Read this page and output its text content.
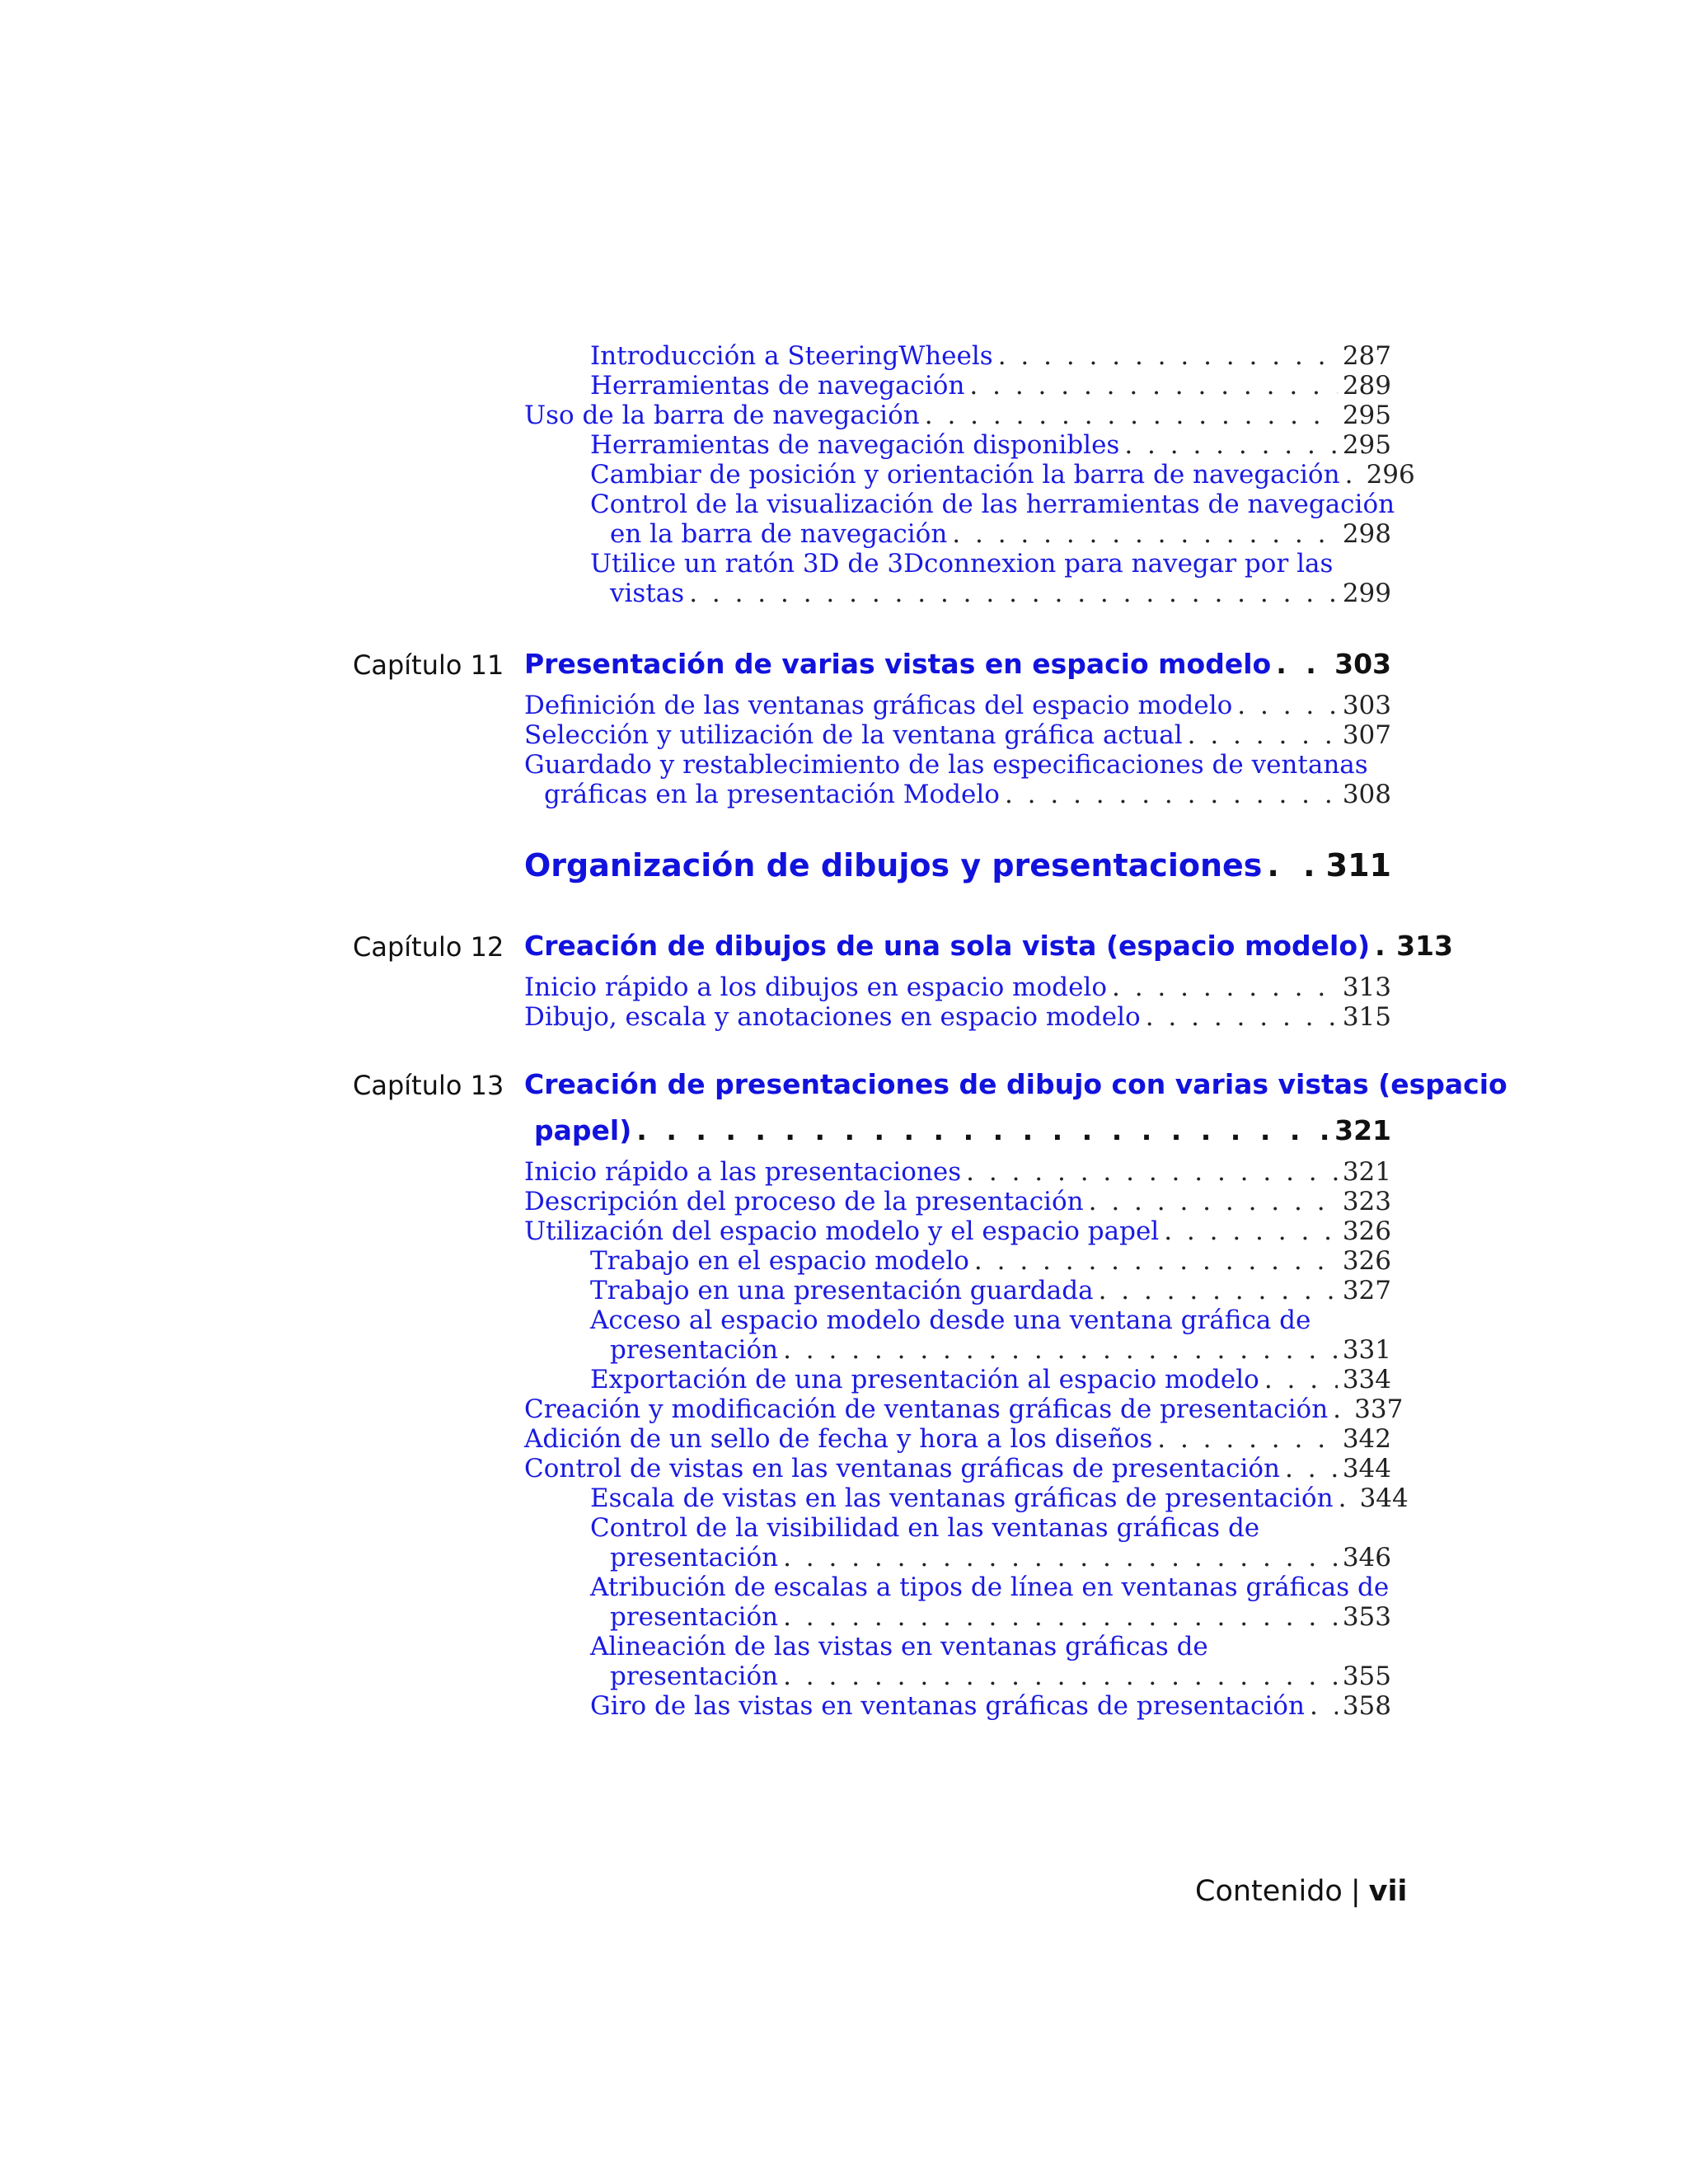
Introducción a SteeringWheels . . .	287
Herramientas de navegación . . .	289
Uso de la barra de navegación . . .	295
Herramientas de navegación disponibles . . .	295
Cambiar de posición y orientación la barra de navegación . . . 296
Control de la visualización de las herramientas de navegación
en la barra de navegación . . .	298
Utilice un ratón 3D de 3Dconnexion para navegar por las
vistas . . .	299
Capítulo 11 Presentación de varias vistas en espacio modelo . . . 303
Definición de las ventanas gráficas del espacio modelo . . .	303
Selección y utilización de la ventana gráfica actual . . .	307
Guardado y restablecimiento de las especificaciones de ventanas
gráficas en la presentación Modelo . . .	308
Organización de dibujos y presentaciones . . . 311
Capítulo 12 Creación de dibujos de una sola vista (espacio modelo) . . . 313
Inicio rápido a los dibujos en espacio modelo . . .	313
Dibujo, escala y anotaciones en espacio modelo . . .	315
Capítulo 13 Creación de presentaciones de dibujo con varias vistas (espacio
papel) . . .	321
Inicio rápido a las presentaciones . . .	321
Descripción del proceso de la presentación . . .	323
Utilización del espacio modelo y el espacio papel . . .	326
Trabajo en el espacio modelo . . .	326
Trabajo en una presentación guardada . . .	327
Acceso al espacio modelo desde una ventana gráfica de
presentación . . .	331
Exportación de una presentación al espacio modelo . . .	334
Creación y modificación de ventanas gráficas de presentación . . . 337
Adición de un sello de fecha y hora a los diseños . . .	342
Control de vistas en las ventanas gráficas de presentación . . . 344
Escala de vistas en las ventanas gráficas de presentación . . . 344
Control de la visibilidad en las ventanas gráficas de
presentación . . .	346
Atribución de escalas a tipos de línea en ventanas gráficas de
presentación . . .	353
Alineación de las vistas en ventanas gráficas de
presentación . . .	355
Giro de las vistas en ventanas gráficas de presentación . . . 358
Contenido | vii
